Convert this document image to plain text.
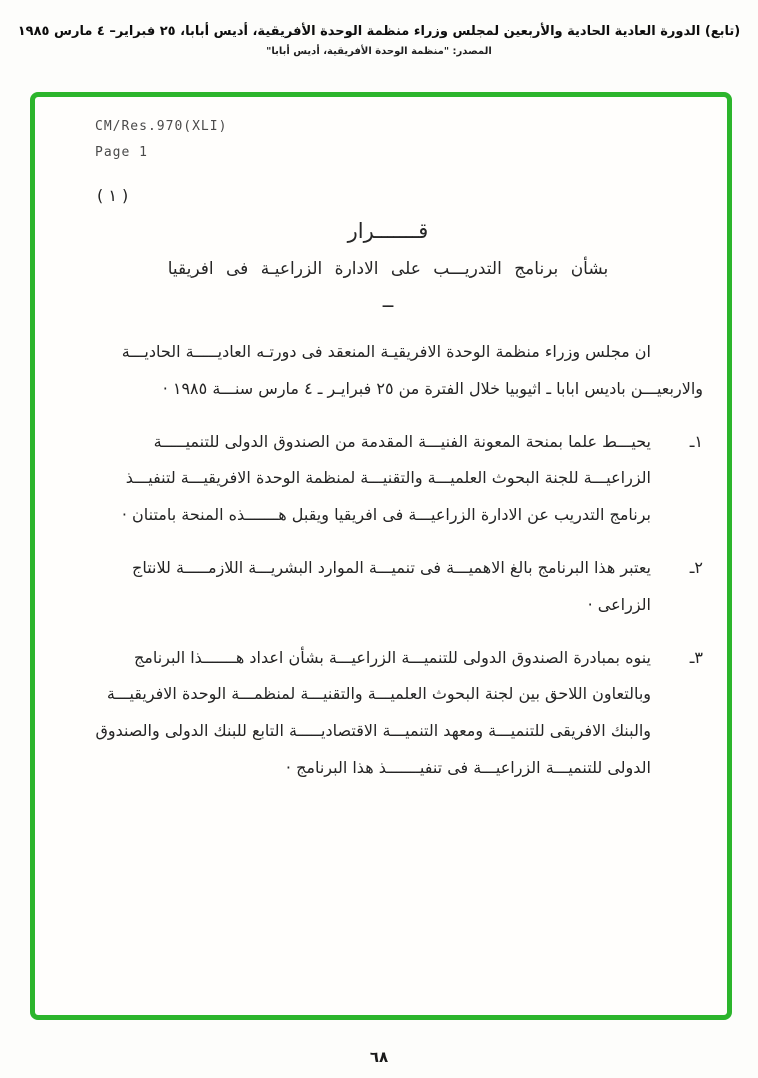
(تابع) الدورة العادية الحادية والأربعين لمجلس وزراء منظمة الوحدة الأفريقية، أديس أبابا، ٢٥ فبراير– ٤ مارس ١٩٨٥
المصدر: "منظمة الوحدة الأفريقية، أديس أبابا"
CM/Res.970(XLI)
Page 1
( ١ )
قـــــــرار
بشأن برنامج التدريـــب على الادارة الزراعيـة فى افريقيا
ــ

ان مجلس وزراء منظمة الوحدة الافريقيـة المنعقد فى دورتـه العاديـــــة الحاديـــة والاربعيـــن باديس ابابا ـ اثيوبيا خلال الفترة من ٢٥ فبرايـر ـ ٤ مارس سنـــة ١٩٨٥ ·

١ـ
يحيـــط علما بمنحة المعونة الفنيـــة المقدمة من الصندوق الدولى للتنميـــــة الزراعيـــة للجنة البحوث العلميـــة والتقنيـــة لمنظمة الوحدة الافريقيـــة لتنفيـــذ برنامج التدريب عن الادارة الزراعيـــة فى افريقيا ويقبل هـــــــذه المنحة بامتنان ·
٢ـ
يعتبر هذا البرنامج بالغ الاهميـــة فى تنميـــة الموارد البشريـــة اللازمـــــة للانتاج الزراعى ·
٣ـ
ينوه بمبادرة الصندوق الدولى للتنميـــة الزراعيـــة بشأن اعداد هـــــــذا البرنامج وبالتعاون اللاحق بين لجنة البحوث العلميـــة والتقنيـــة لمنظمـــة الوحدة الافريقيـــة والبنك الافريقى للتنميـــة ومعهد التنميـــة الاقتصاديـــــة التابع للبنك الدولى والصندوق الدولى للتنميـــة الزراعيـــة فى تنفيـــــــذ هذا البرنامج ·
٦٨
